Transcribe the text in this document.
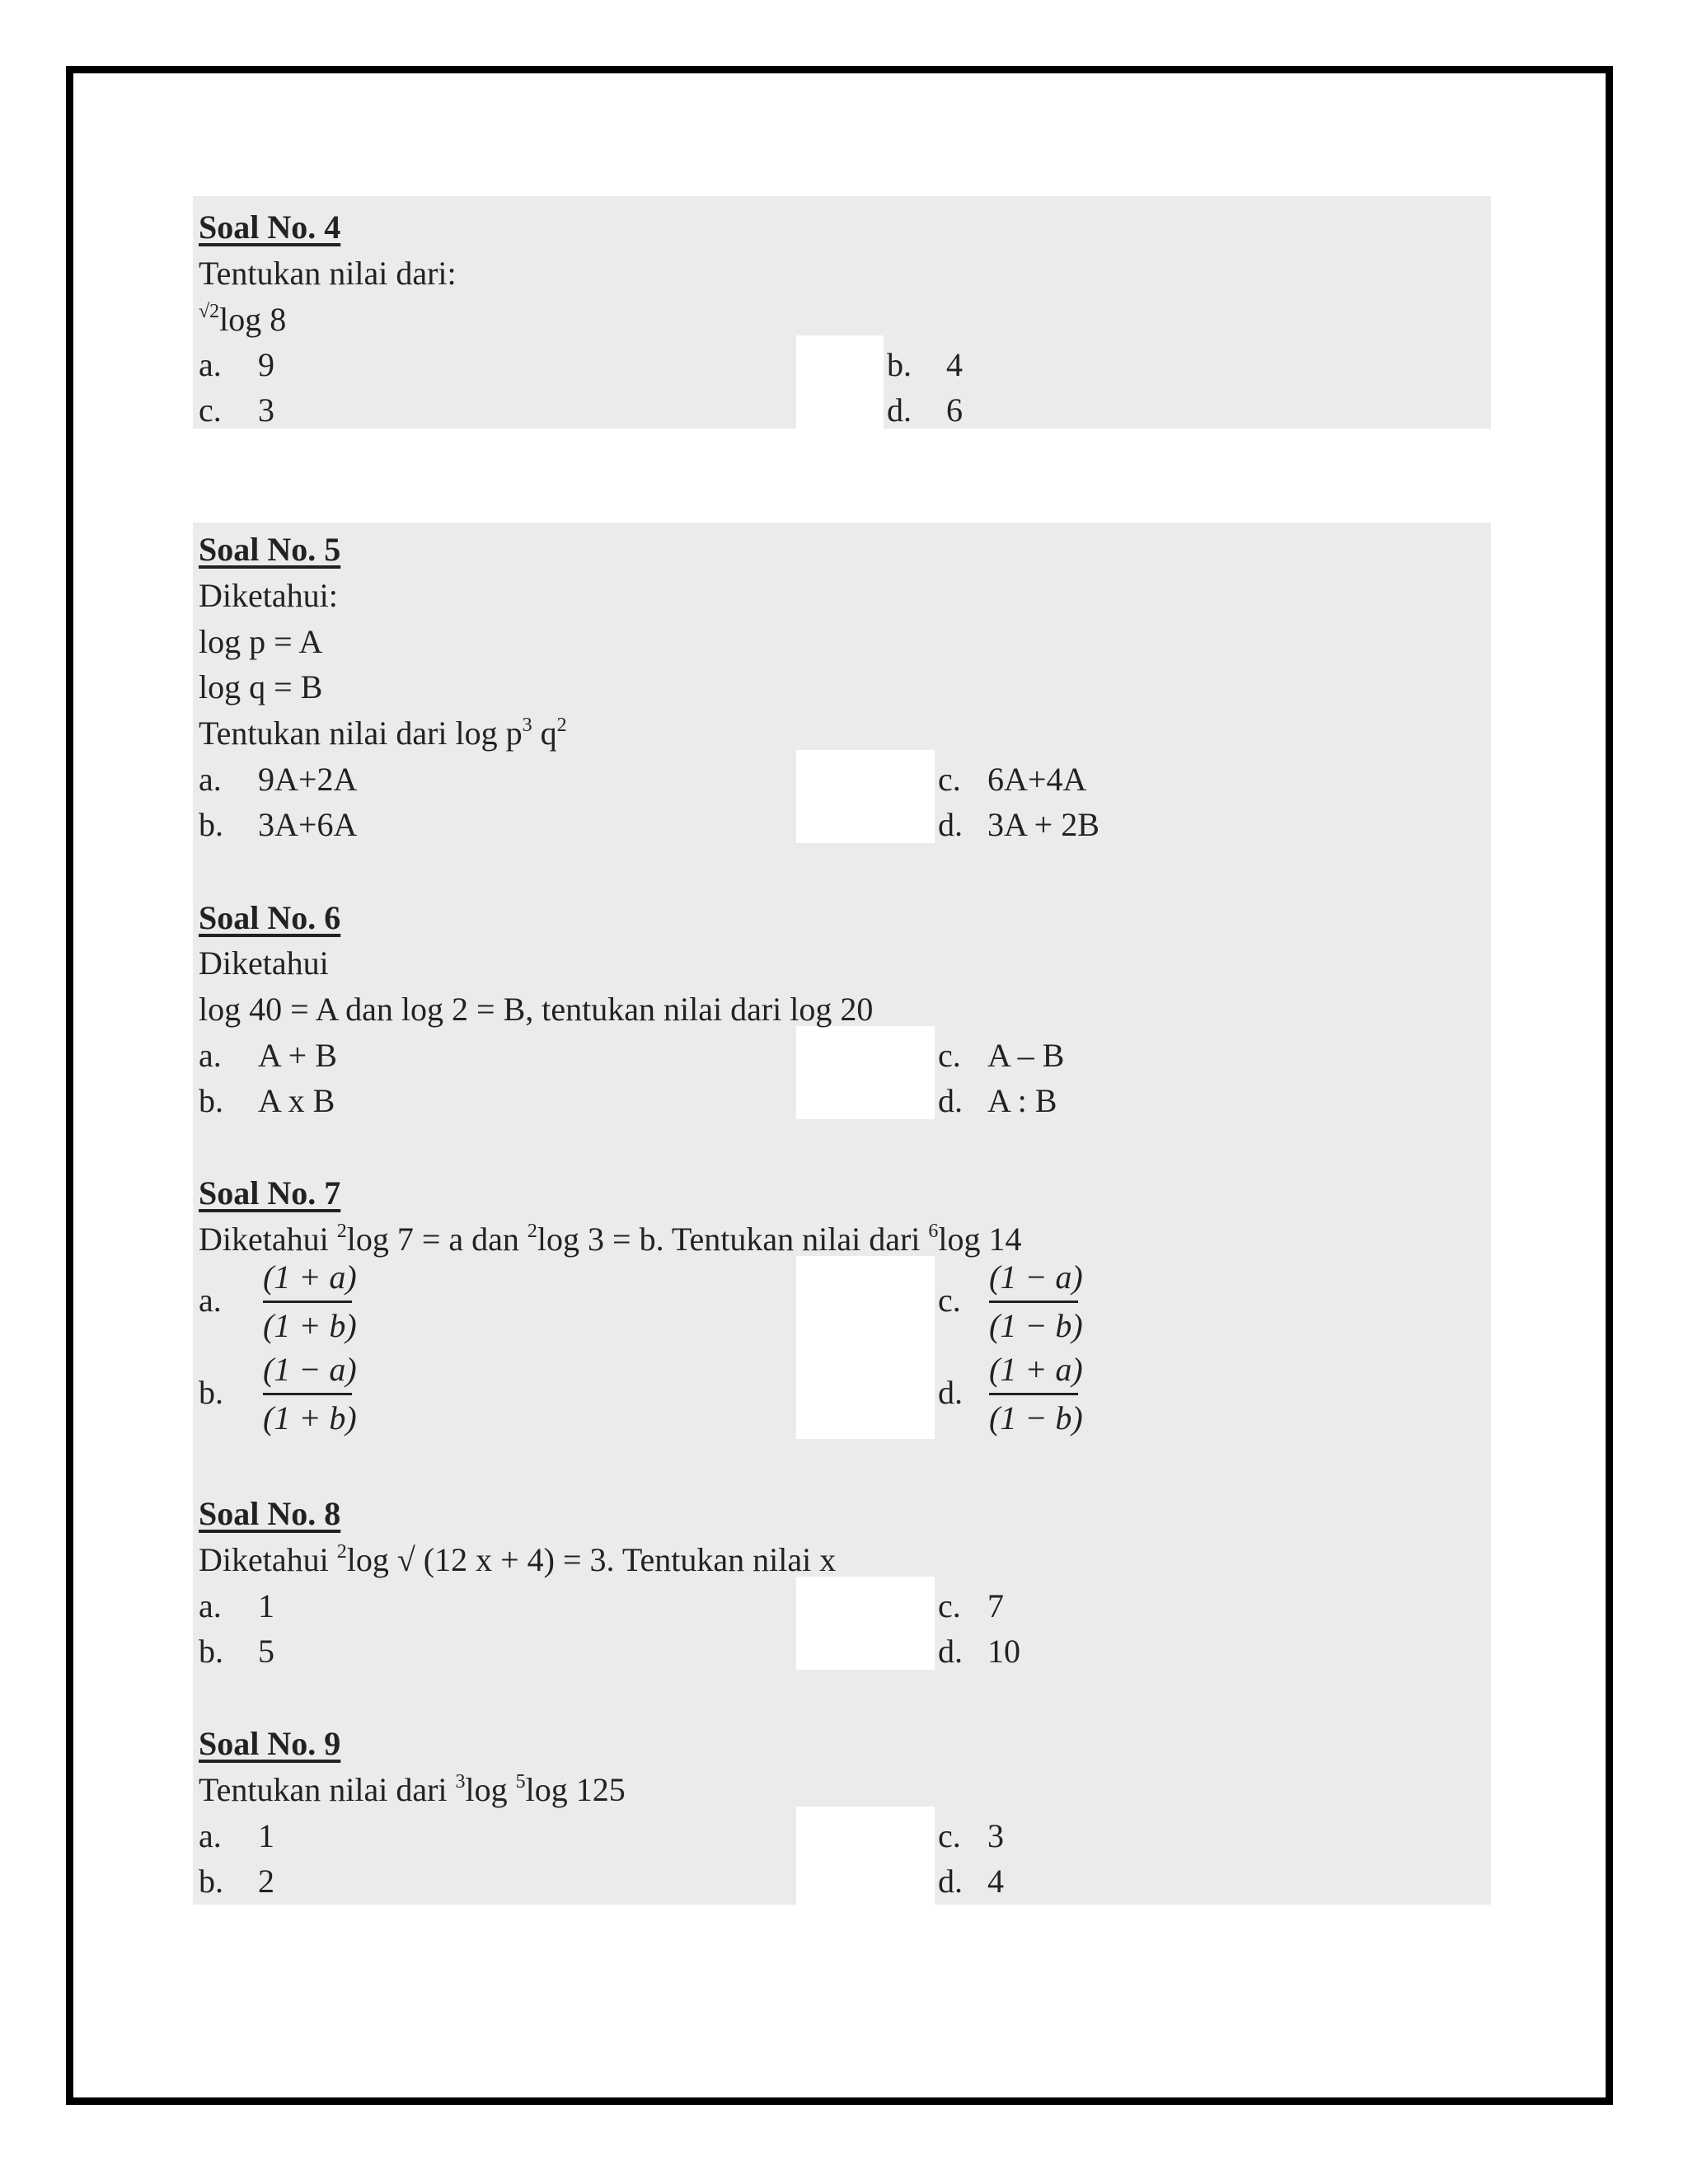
Soal No. 4
Tentukan nilai dari:
$^{√2}$log 8
a. 9	b. 4
c. 3	d. 6
Soal No. 5
Diketahui:
log p = A
log q = B
Tentukan nilai dari $\log p^3$ $q^2$
a. 9A+2A
b. 3A+6A
c. 6A+4A
d. 3A + 2B
Soal No. 6
Diketahui
log 40 = A dan log 2 = B, tentukan nilai dari log 20
a. A + B
b. A x B
c. A – B
d. A : B
Soal No. 7
Diketahui $^2$log 7 = a dan $^2$log 3 = b. Tentukan nilai dari $^6$log 14
a.
(1 + a)
(1 + b)
b.
(1 − a)
(1 + b)
c.
(1 − a)
(1 − b)
d.
(1 + a)
(1 − b)
Soal No. 8
Diketahui $^2$log √ (12 x + 4) = 3. Tentukan nilai x
a. 1
b. 5
c. 7
d. 10
Soal No. 9
Tentukan nilai dari $^3$log $^5$log 125
a. 1
b. 2
c. 3
d. 4
